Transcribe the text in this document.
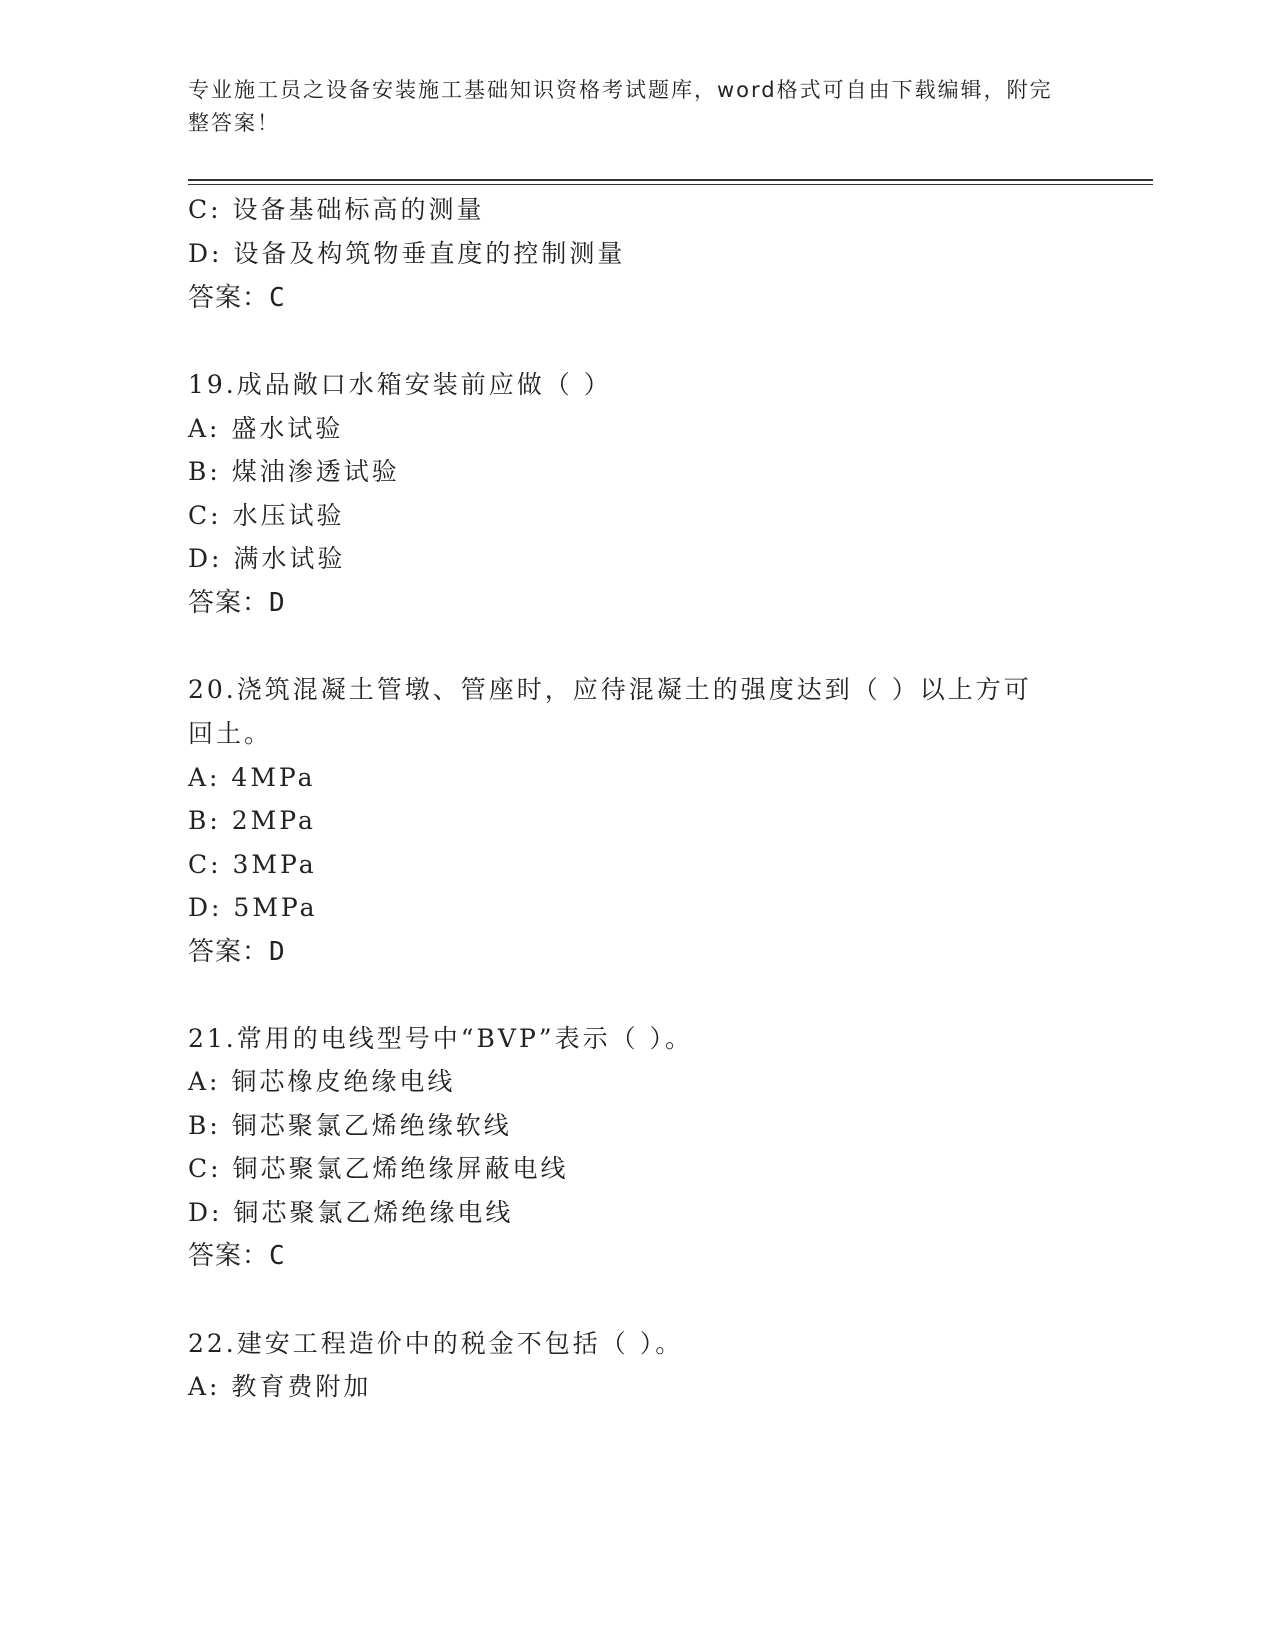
专业施工员之设备安装施工基础知识资格考试题库，word格式可自由下载编辑，附完整答案！
C: 设备基础标高的测量
D: 设备及构筑物垂直度的控制测量
答案：C
19.成品敞口水箱安装前应做（ ）
A: 盛水试验
B: 煤油渗透试验
C: 水压试验
D: 满水试验
答案：D
20.浇筑混凝土管墩、管座时，应待混凝土的强度达到（ ）以上方可
回土。
A: 4MPa
B: 2MPa
C: 3MPa
D: 5MPa
答案：D
21.常用的电线型号中“BVP”表示（ ）。
A: 铜芯橡皮绝缘电线
B: 铜芯聚氯乙烯绝缘软线
C: 铜芯聚氯乙烯绝缘屏蔽电线
D: 铜芯聚氯乙烯绝缘电线
答案：C
22.建安工程造价中的税金不包括（ ）。
A: 教育费附加
